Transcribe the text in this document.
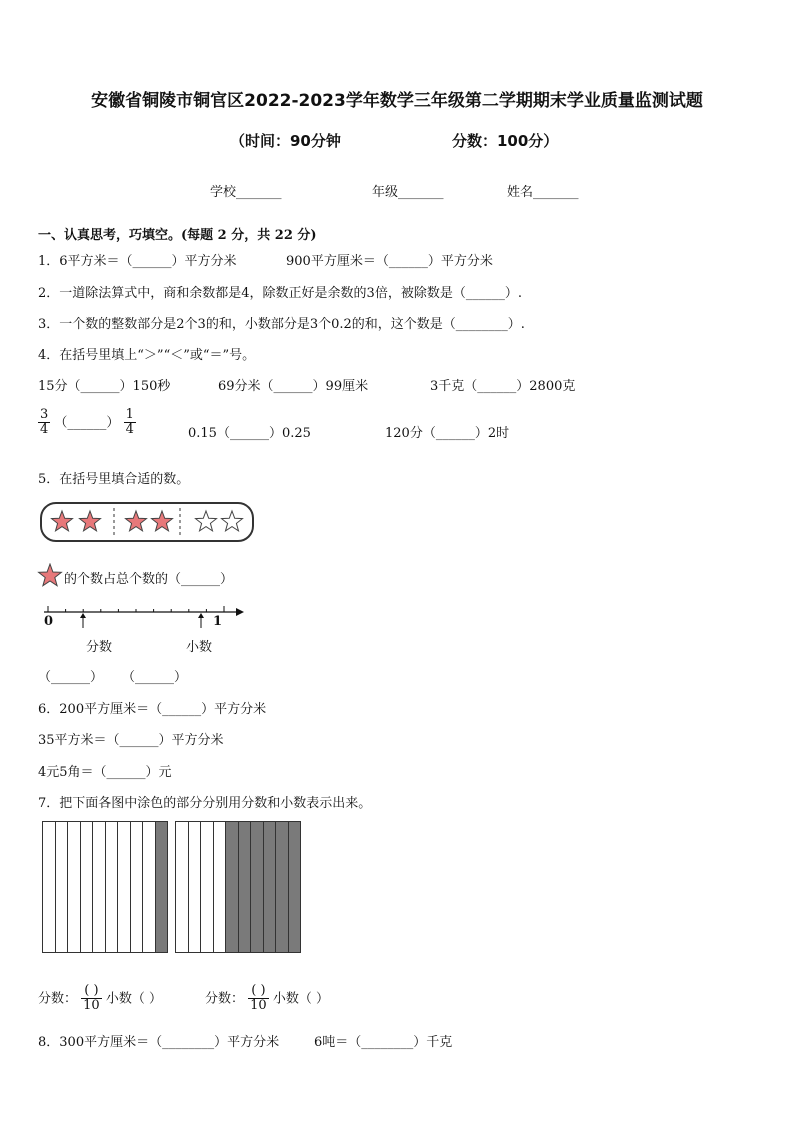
安徽省铜陵市铜官区2022-2023学年数学三年级第二学期期末学业质量监测试题
（时间：90分钟	分数：100分）
学校_______	年级_______	姓名_______
一、认真思考，巧填空。(每题 2 分，共 22 分)
1．6平方米＝（______）平方分米	900平方厘米＝（______）平方分米
2．一道除法算式中，商和余数都是4，除数正好是余数的3倍，被除数是（______）.
3．一个数的整数部分是2个3的和，小数部分是3个0.2的和，这个数是（________）.
4．在括号里填上“＞”“＜”或“＝”号。
15分（______）150秒	69分米（______）99厘米	3千克（______）2800克
$\frac{3}{4}$ （______） $\frac{1}{4}$	0.15（______）0.25	120分（______）2时
5．在括号里填合适的数。
的个数占总个数的（______）
0	1
分数	小数
（______） （______）
6．200平方厘米＝（______）平方分米
35平方米＝（______）平方分米
4元5角＝（______）元
7．把下面各图中涂色的部分分别用分数和小数表示出来。
分数： $\frac{( )}{10}$ 小数（ ）	分数： $\frac{( )}{10}$ 小数（ ）
8．300平方厘米＝（________）平方分米	6吨＝（________）千克
